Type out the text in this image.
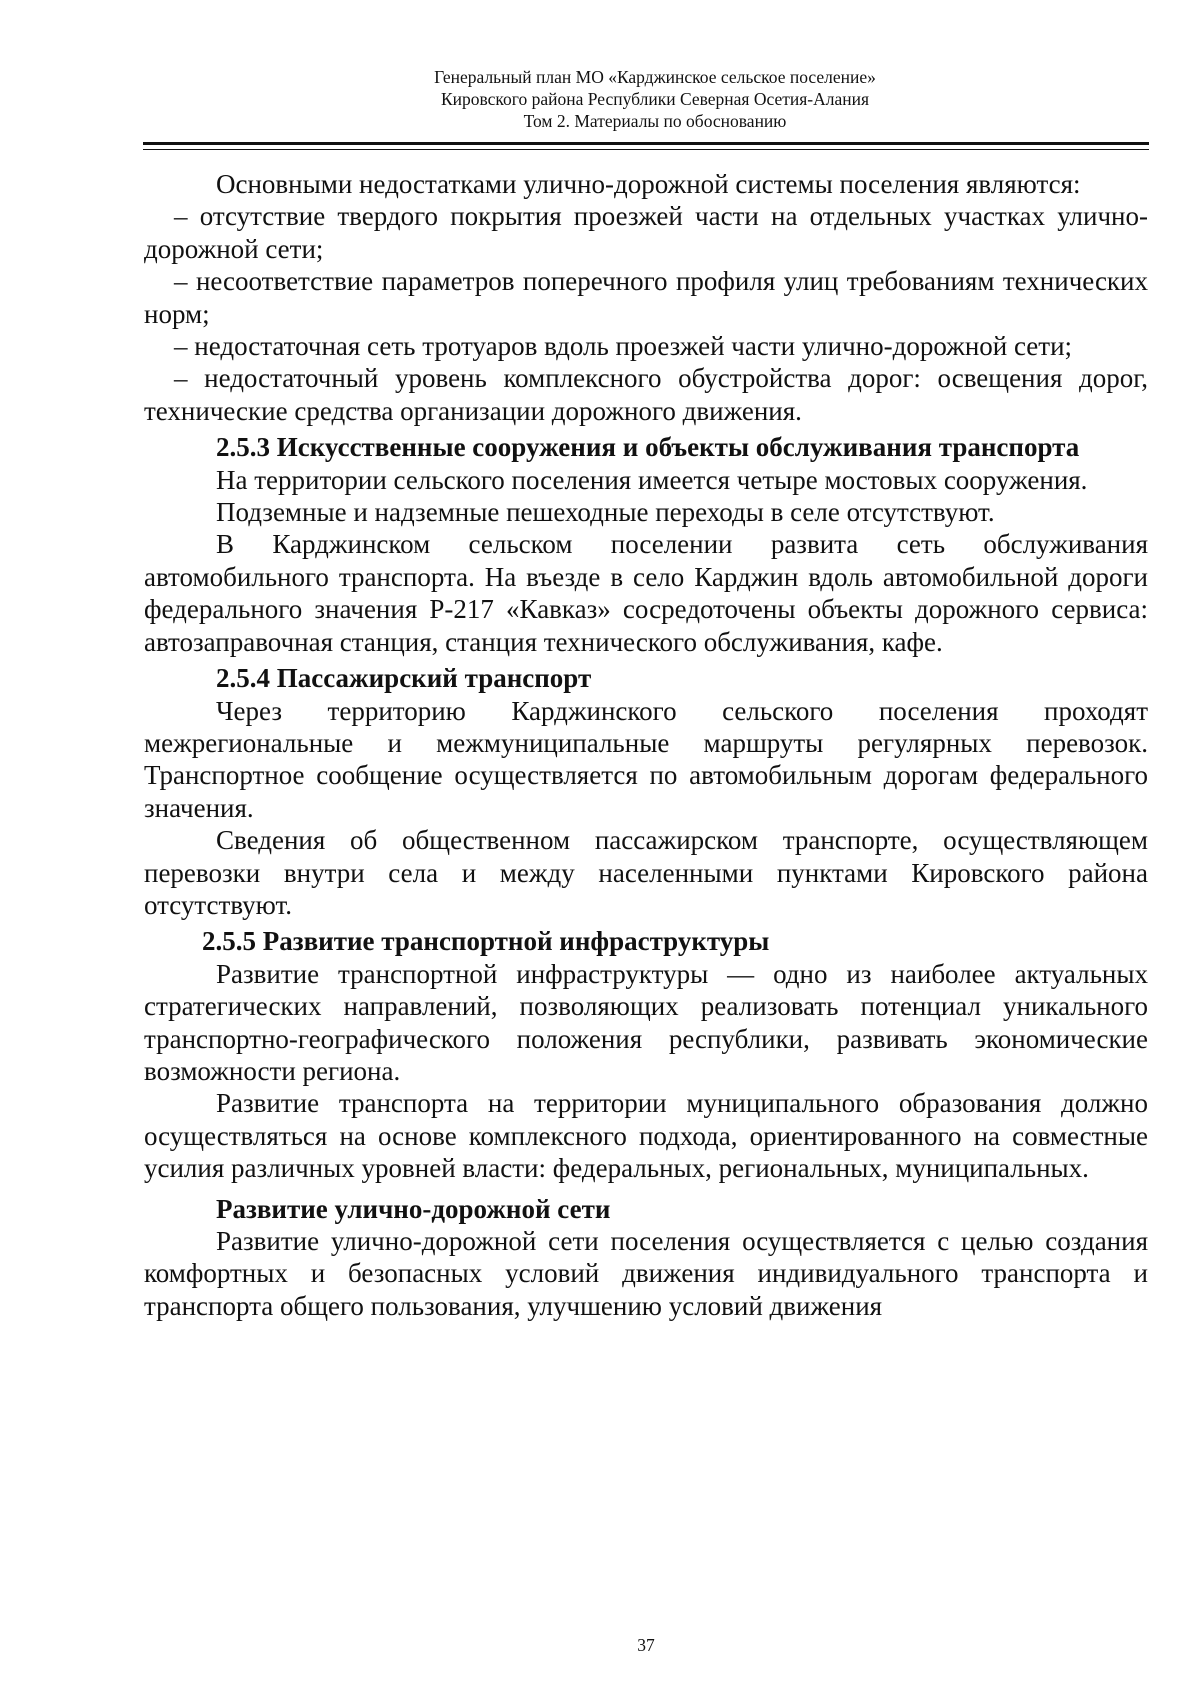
Генеральный план МО «Карджинское сельское поселение»
Кировского района Республики Северная Осетия-Алания
Том 2. Материалы по обоснованию

Основными недостатками улично-дорожной системы поселения являются:

– отсутствие твердого покрытия проезжей части на отдельных участках улично-дорожной сети;

– несоответствие параметров поперечного профиля улиц требованиям технических норм;

– недостаточная сеть тротуаров вдоль проезжей части улично-дорожной сети;

– недостаточный уровень комплексного обустройства дорог: освещения дорог, технические средства организации дорожного движения.

2.5.3 Искусственные сооружения и объекты обслуживания транспорта

На территории сельского поселения имеется четыре мостовых сооружения.

Подземные и надземные пешеходные переходы в селе отсутствуют.

В Карджинском сельском поселении развита сеть обслуживания автомобильного транспорта. На въезде в село Карджин вдоль автомобильной дороги федерального значения Р-217 «Кавказ» сосредоточены объекты дорожного сервиса: автозаправочная станция, станция технического обслуживания, кафе.

2.5.4 Пассажирский транспорт

Через территорию Карджинского сельского поселения проходят межрегиональные и межмуниципальные маршруты регулярных перевозок. Транспортное сообщение осуществляется по автомобильным дорогам федерального значения.

Сведения об общественном пассажирском транспорте, осуществляющем перевозки внутри села и между населенными пунктами Кировского района отсутствуют.

2.5.5 Развитие транспортной инфраструктуры

Развитие транспортной инфраструктуры — одно из наиболее актуальных стратегических направлений, позволяющих реализовать потенциал уникального транспортно-географического положения республики, развивать экономические возможности региона.

Развитие транспорта на территории муниципального образования должно осуществляться на основе комплексного подхода, ориентированного на совместные усилия различных уровней власти: федеральных, региональных, муниципальных.

Развитие улично-дорожной сети

Развитие улично-дорожной сети поселения осуществляется с целью создания комфортных и безопасных условий движения индивидуального транспорта и транспорта общего пользования, улучшению условий движения

37
